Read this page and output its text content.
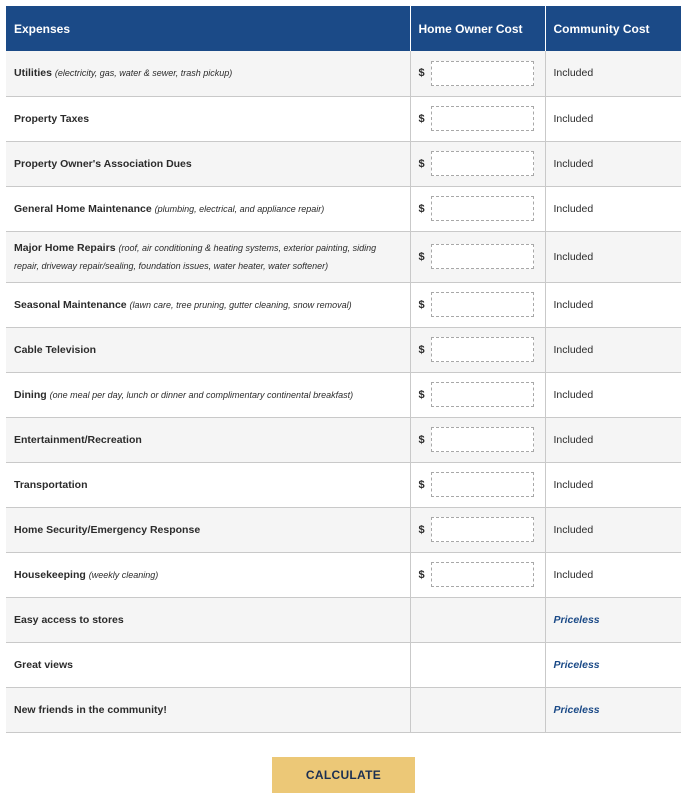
Expenses	Home Owner Cost	Community Cost
Utilities (electricity, gas, water & sewer, trash pickup)	$	Included
Property Taxes	$	Included
Property Owner's Association Dues	$	Included
General Home Maintenance (plumbing, electrical, and appliance repair)	$	Included
Major Home Repairs (roof, air conditioning & heating systems, exterior painting, siding repair, driveway repair/sealing, foundation issues, water heater, water softener)	$	Included
Seasonal Maintenance (lawn care, tree pruning, gutter cleaning, snow removal)	$	Included
Cable Television	$	Included
Dining (one meal per day, lunch or dinner and complimentary continental breakfast)	$	Included
Entertainment/Recreation	$	Included
Transportation	$	Included
Home Security/Emergency Response	$	Included
Housekeeping (weekly cleaning)	$	Included
Easy access to stores		Priceless
Great views		Priceless
New friends in the community!		Priceless
CALCULATE
